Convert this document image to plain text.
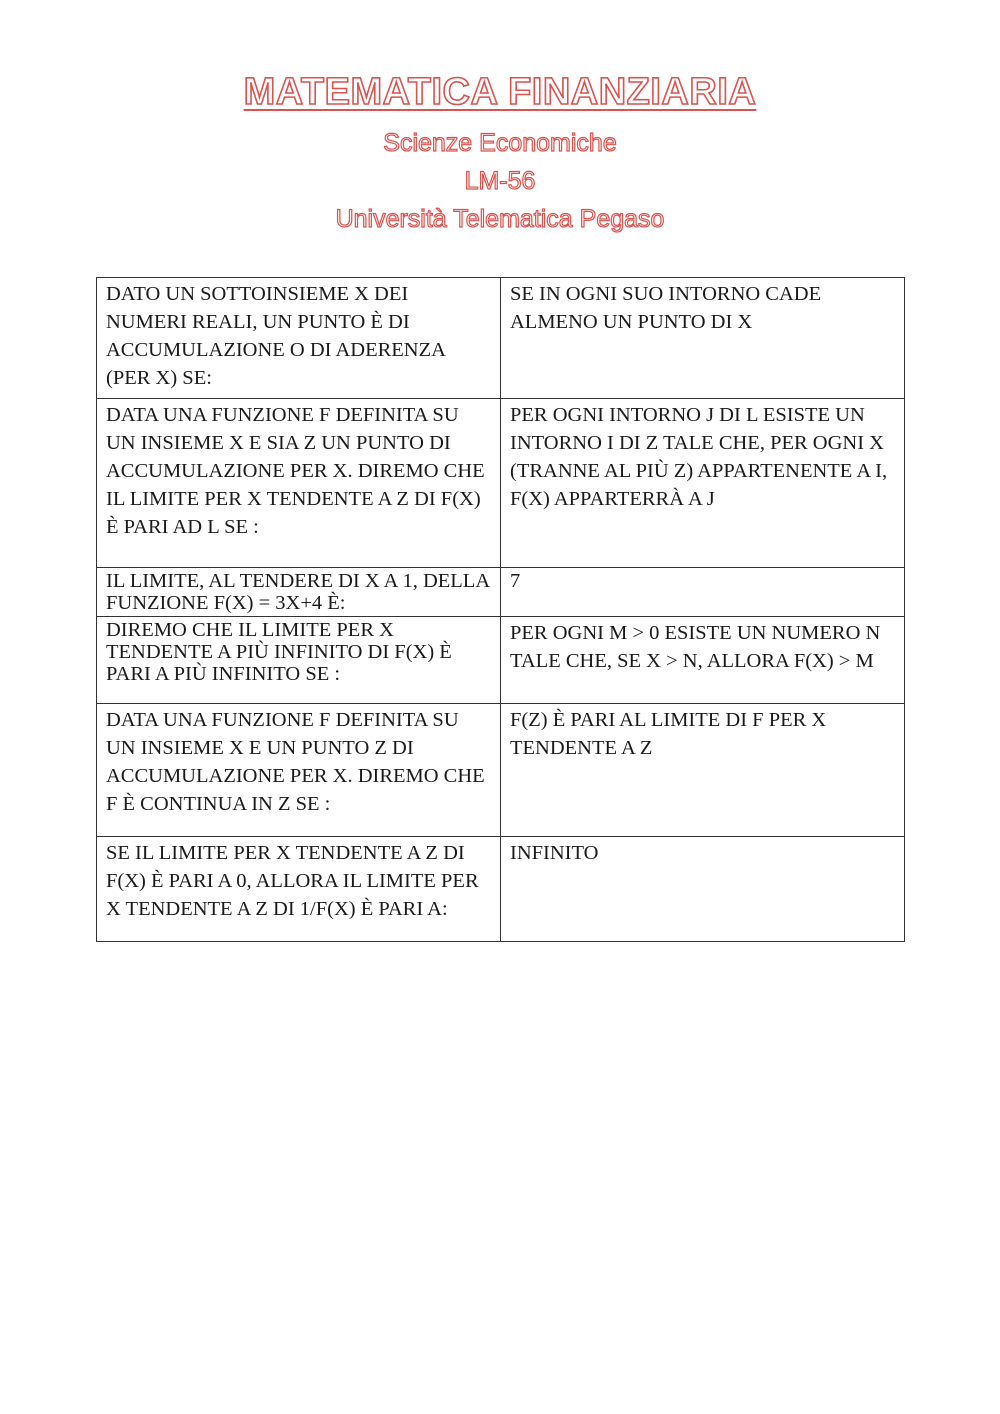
MATEMATICA FINANZIARIA

Scienze Economiche

LM-56

Università Telematica Pegaso

DATO UN SOTTOINSIEME X DEI NUMERI REALI, UN PUNTO È DI ACCUMULAZIONE O DI ADERENZA (PER X) SE:	SE IN OGNI SUO INTORNO CADE ALMENO UN PUNTO DI X
DATA UNA FUNZIONE F DEFINITA SU UN INSIEME X E SIA Z UN PUNTO DI ACCUMULAZIONE PER X. DIREMO CHE IL LIMITE PER X TENDENTE A Z DI F(X) È PARI AD L SE :	PER OGNI INTORNO J DI L ESISTE UN INTORNO I DI Z TALE CHE, PER OGNI X (TRANNE AL PIÙ Z) APPARTENENTE A I, F(X) APPARTERRÀ A J
IL LIMITE, AL TENDERE DI X A 1, DELLA FUNZIONE F(X) = 3X+4 È:	7
DIREMO CHE IL LIMITE PER X TENDENTE A PIÙ INFINITO DI F(X) È PARI A PIÙ INFINITO SE :	PER OGNI M > 0 ESISTE UN NUMERO N TALE CHE, SE X > N, ALLORA F(X) > M
DATA UNA FUNZIONE F DEFINITA SU UN INSIEME X E UN PUNTO Z DI ACCUMULAZIONE PER X. DIREMO CHE F È CONTINUA IN Z SE :	F(Z) È PARI AL LIMITE DI F PER X TENDENTE A Z
SE IL LIMITE PER X TENDENTE A Z DI F(X) È PARI A 0, ALLORA IL LIMITE PER X TENDENTE A Z DI 1/F(X) È PARI A:	INFINITO
